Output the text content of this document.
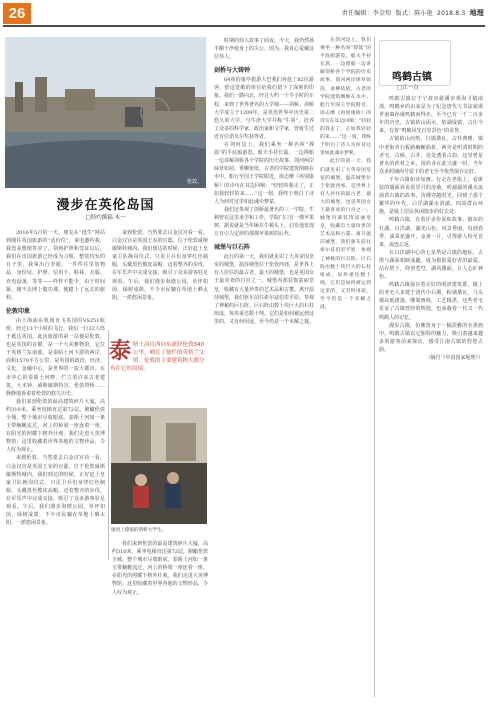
26	责任编辑：李金煌 版式：陈小艳 2018.8.3 地理
伦敦。
漫步在英伦岛国
□特约撰稿 木一

2016年5月的一天，朋友在“逃生”网站到刚往英国旅游的“适价位”，来电邀约我，我没多想便答应了。领到护照和签证以后，我们在出国旅游已经成为习惯，整装待发的日子里，我拿出行李箱，一件件往里放物品，身份证、护照、信用卡、鞋袜、衣服、充电设备，等等——样样不能少。由于时间紧，刚不去网上做功课，便踏上了远去的旅程。

伦敦印象

由上海浦东机场直飞英国的VS251航班，经过13个小时的飞行，我们一行32人终于抵达英国。此次旅游的第一站便是伦敦，也是英国的首都，是一个大美雅物馆，它位于英格兰东南部，是泰晤士河下游的两岸，面积1579平方公里，是英国的政治、经济、文化、金融中心，是世界的一流大都市。在市中心的泰晤士河畔，伫立着许多古老建筑，大本钟、威斯敏斯特宫、伦敦塔桥……静静地诉说着伦敦的悠久历史。

我们来到伦敦的最高建筑碎片大厦，高约310米，乘坐电梯直达第72层，俯瞰伦敦全城，整个城市尽收眼底。泰晤士河如一条玉带蜿蜒流过，河上的桥梁一座连着一座，在阳光的照耀下格外壮观。我们走进大英博物馆，这里收藏着世界各地的文物珍品，令人叹为观止。

来到伦敦，当然要去白金汉宫看一看。白金汉宫是英国王室的官邸，位于伦敦威斯敏斯特城内。我们到达的时候，正好赶上皇家卫队换岗仪式，只见卫兵们身穿红色制服，头戴黑色熊皮高帽，迈着整齐的步伐，在军乐声中完成交接，吸引了众多游客驻足观看。午后，我们漫步海德公园，草坪如茵，绿树成荫，不少市民躺在草地上晒太阳，一派悠闲景象。

泰 晤士河自西向东流经伦敦340公里，哺育了灿烂的英格兰文明。伦敦的主要建筑物大都分布在它的周围。
康河上撑船的剑桥大学生。

来到伦敦，当然要去白金汉宫看一看。白金汉宫是英国王室的官邸，位于伦敦威斯敏斯特城内。我们到达的时候，正好赶上皇家卫队换岗仪式，只见卫兵们身穿红色制服，头戴黑色熊皮高帽，迈着整齐的步伐，在军乐声中完成交接，吸引了众多游客驻足观看。午后，我们漫步海德公园，草坪如茵，绿树成荫，不少市民躺在草地上晒太阳，一派悠闲景象。

我们来到伦敦的最高建筑碎片大厦，高约310米，乘坐电梯直达第72层，俯瞰伦敦全城，整个城市尽收眼底。泰晤士河如一条玉带蜿蜒流过，河上的桥梁一座连着一座，在阳光的照耀下格外壮观。我们走进大英博物馆，这里收藏着世界各地的文物珍品，令人叹为观止。

时期的伟人故事了面夜。今天，我仍然扬手搬干净使身上的失公、国为，我真心爱戴这位伟人。

剑桥与大铸钟

64座的康亭旅游大巴我们奔赴了82位游客，舒适宽敞的座位给我们留下了深刻的印象。我们一路向北，经过大约一个半小时的车程，来到了世界著名的大学城——剑桥。剑桥大学成立于1209年，是英语世界中历史第二悠久的大学，与牛津大学并称“牛剑”，培养了众多的科学家、政治家和文学家，曾诞生过近百位诺贝尔奖获得者。

在剑河边上，我们乘坐一种名叫“撑篙”的平底船游览。船夫手持长篙，一边撑船一边讲解剑桥各个学院的历史故事。剑河两岸绿草如茵，垂柳依依，古老的学院建筑倒映在水中。船行至国王学院附近，徐志摩《再别康桥》的诗句在耳边回响：“轻轻的我走了，正如我轻轻的来……”这一刻，我终于明白了诗人为何对这里如此魂牵梦萦。

我们还参观了剑桥最著名的三一学院，牛顿曾在这里求学和工作。学院门口有一棵苹果树，据说就是当年砸在牛顿头上、启发他发现万有引力定律的那棵苹果树的后代。

城堡与巨石阵

此行的第一天，我们就见识了大英帝国皇室的城堡。温莎城堡位于伦敦西郊，是世界上有人居住的最古老、最大的城堡，也是英国女王最喜欢的行宫之一。城堡内部装饰富丽堂皇，收藏有大量珍贵的艺术品和古董。离开温莎城堡，我们驱车前往索尔兹伯里平原，参观了神秘的巨石阵。巨石阵由数十块巨大的石柱组成，每块重达数十吨。它们是如何被运到这里的，又有何用途，至今仍是一个未解之谜。

在剑河边上，我们乘坐一种名叫“撑篙”的平底船游览。船夫手持长篙，一边撑船一边讲解剑桥各个学院的历史故事。剑河两岸绿草如茵，垂柳依依，古老的学院建筑倒映在水中。船行至国王学院附近，徐志摩《再别康桥》的诗句在耳边回响：“轻轻的我走了，正如我轻轻的来……”这一刻，我终于明白了诗人为何对这里如此魂牵梦萦。

此行的第一天，我们就见识了大英帝国皇室的城堡。温莎城堡位于伦敦西郊，是世界上有人居住的最古老、最大的城堡，也是英国女王最喜欢的行宫之一。城堡内部装饰富丽堂皇，收藏有大量珍贵的艺术品和古董。离开温莎城堡，我们驱车前往索尔兹伯里平原，参观了神秘的巨石阵。巨石阵由数十块巨大的石柱组成，每块重达数十吨。它们是如何被运到这里的，又有何用途，至今仍是一个未解之谜。

鸣鹤古镇
□江一白

鸣鹤古镇位于宁波市慈溪市观海卫镇南部，鸣鹤乡的由来是为了纪念唐代大书法家虞世南裔孙虞鸣鹤而得名，至今已有一千二百多年的历史。古镇依山面水，依湖成镇，古往今来，有着“鸣鹤风光百里景色”的美誉。

古镇依山而筑，白墙黛瓦，古朴典雅，镇中老街青石板路蜿蜒曲折，两旁是明清时期的老宅、古桥、古井，处处透着古韵。这里曾是著名的药材之乡，国药业在此兴盛一时，当年众多药铺商号留下的老宅至今依然保存完好。

千年古镇如诗如画。行走在老街上，看斑驳的墙面诉说着岁月的沧桑，听潺潺的溪水流淌着古镇的故事，仿佛穿越时光，回到了那个繁华的年代。白洋湖湖水清澈，四周群山环抱，是镇上居民休闲散步的好去处。

鸣鹤古镇，有着许多传说和故事。镇东的杜湖、白洋湖，湖光山色，风景秀丽，每到春季，油菜花盛开，金黄一片，引得游人纷至沓来，流连忘返。

在白洋湖中心的七星塔是古镇的地标，古塔与湖面相映成趣，成为摄影爱好者的最爱。站在塔下，仰望苍穹，湖风拂面，让人心旷神怡。

鸣鹤古镇保存着完好的明清建筑群，镇上的老宅大多建于清代中后期，粉墙黛瓦，马头墙高低错落，雕梁画栋，工艺精湛。这些老宅见证了古镇曾经的辉煌，也承载着一代又一代鸣鹤人的记忆。

漫步古镇，仿佛置身于一幅淡雅的水墨画中。鸣鹤古镇以它独特的魅力，吸引着越来越多的游客前来探访，感受江南古镇的悠悠古韵。

（摘自《中国国家地理》）
